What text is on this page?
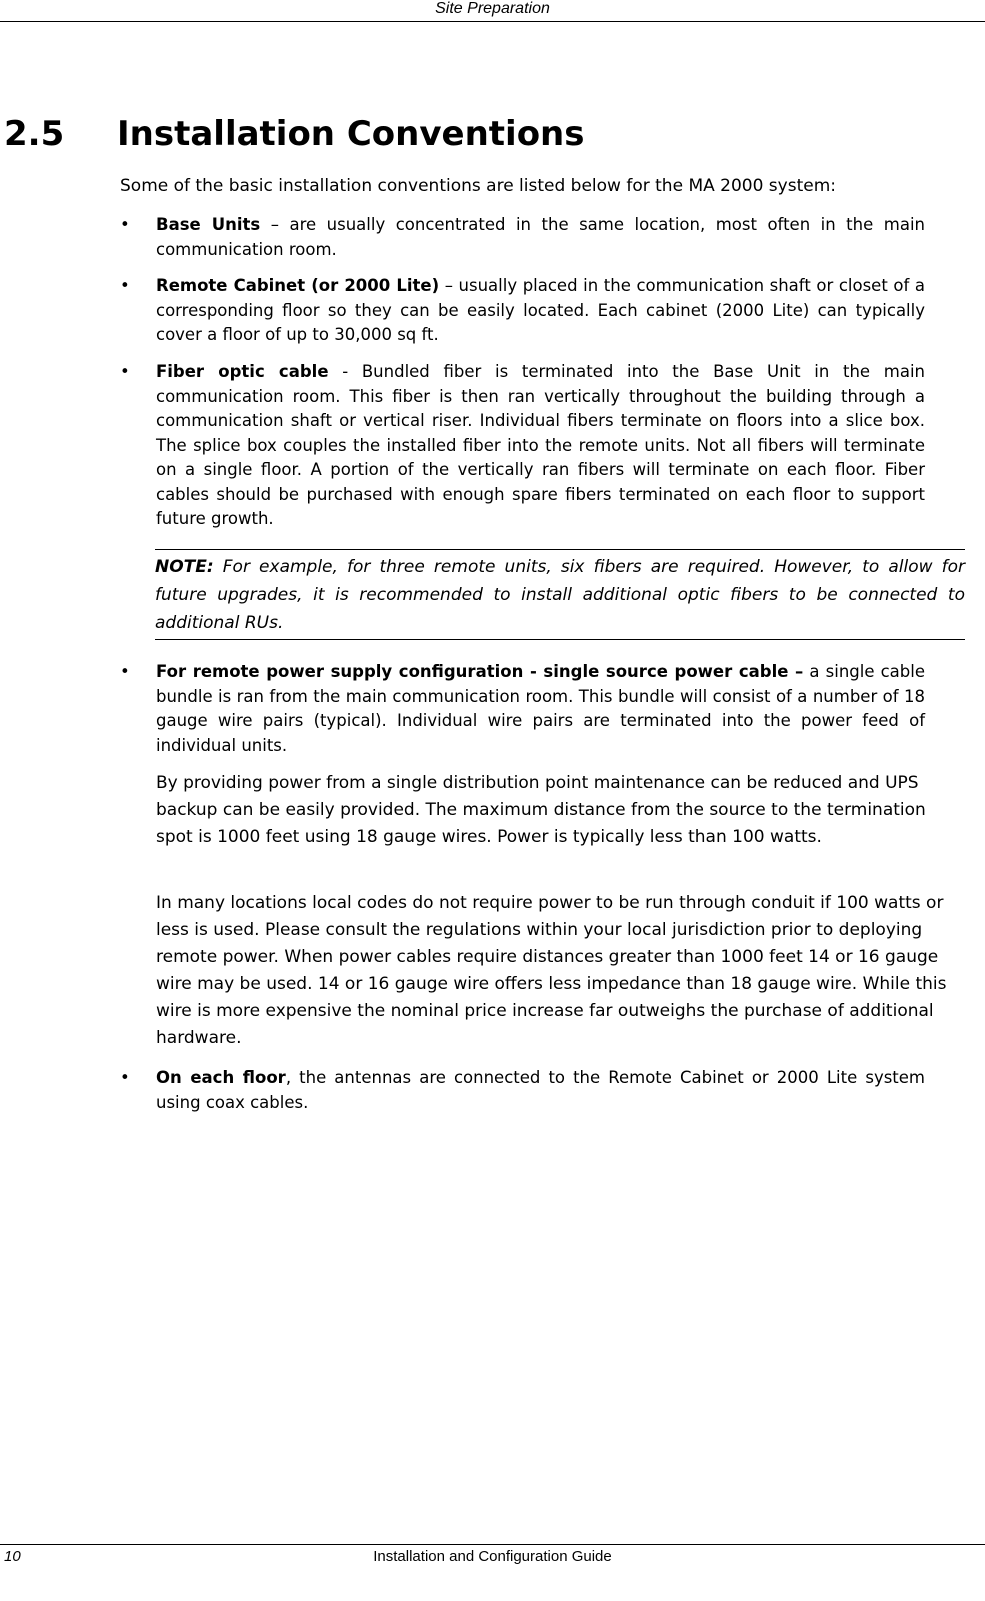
Site Preparation
2.5 Installation Conventions
Some of the basic installation conventions are listed below for the MA 2000 system:

• Base Units – are usually concentrated in the same location, most often in the main communication room.

• Remote Cabinet (or 2000 Lite) – usually placed in the communication shaft or closet of a corresponding floor so they can be easily located. Each cabinet (2000 Lite) can typically cover a floor of up to 30,000 sq ft.

• Fiber optic cable - Bundled fiber is terminated into the Base Unit in the main communication room. This fiber is then ran vertically throughout the building through a communication shaft or vertical riser. Individual fibers terminate on floors into a slice box. The splice box couples the installed fiber into the remote units. Not all fibers will terminate on a single floor. A portion of the vertically ran fibers will terminate on each floor. Fiber cables should be purchased with enough spare fibers terminated on each floor to support future growth.

NOTE: For example, for three remote units, six fibers are required. However, to allow for future upgrades, it is recommended to install additional optic fibers to be connected to additional RUs.

• For remote power supply configuration - single source power cable – a single cable bundle is ran from the main communication room. This bundle will consist of a number of 18 gauge wire pairs (typical). Individual wire pairs are terminated into the power feed of individual units.

By providing power from a single distribution point maintenance can be reduced and UPS backup can be easily provided. The maximum distance from the source to the termination spot is 1000 feet using 18 gauge wires. Power is typically less than 100 watts.
In many locations local codes do not require power to be run through conduit if 100 watts or less is used. Please consult the regulations within your local jurisdiction prior to deploying remote power. When power cables require distances greater than 1000 feet 14 or 16 gauge wire may be used. 14 or 16 gauge wire offers less impedance than 18 gauge wire. While this wire is more expensive the nominal price increase far outweighs the purchase of additional hardware.

• On each floor, the antennas are connected to the Remote Cabinet or 2000 Lite system using coax cables.

10	Installation and Configuration Guide
